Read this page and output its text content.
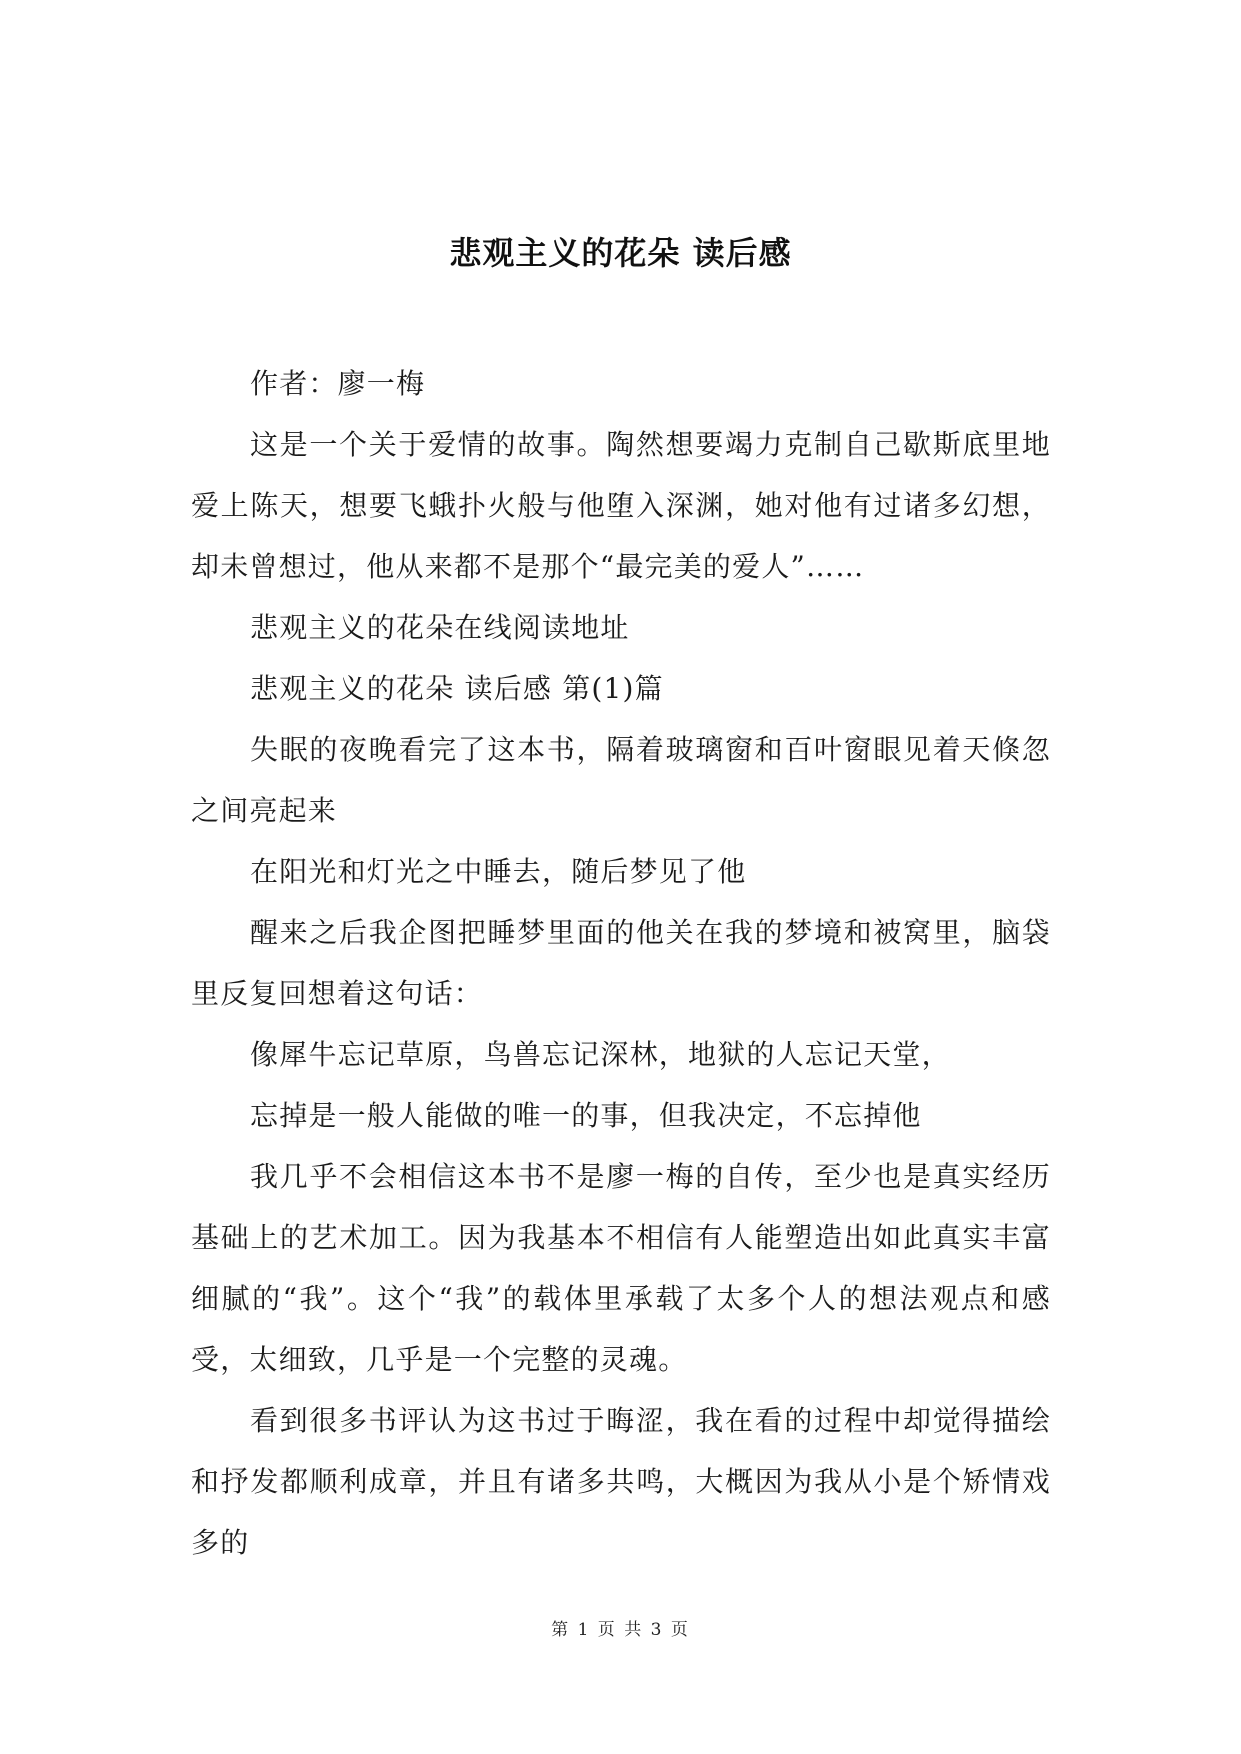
悲观主义的花朵 读后感

作者：廖一梅

这是一个关于爱情的故事。陶然想要竭力克制自己歇斯底里地爱上陈天，想要飞蛾扑火般与他堕入深渊，她对他有过诸多幻想，却未曾想过，他从来都不是那个“最完美的爱人”……

悲观主义的花朵在线阅读地址

悲观主义的花朵 读后感 第(1)篇

失眠的夜晚看完了这本书，隔着玻璃窗和百叶窗眼见着天倏忽之间亮起来

在阳光和灯光之中睡去，随后梦见了他

醒来之后我企图把睡梦里面的他关在我的梦境和被窝里，脑袋里反复回想着这句话：

像犀牛忘记草原，鸟兽忘记深林，地狱的人忘记天堂，

忘掉是一般人能做的唯一的事，但我决定，不忘掉他

我几乎不会相信这本书不是廖一梅的自传，至少也是真实经历基础上的艺术加工。因为我基本不相信有人能塑造出如此真实丰富细腻的“我”。这个“我”的载体里承载了太多个人的想法观点和感受，太细致，几乎是一个完整的灵魂。

看到很多书评认为这书过于晦涩，我在看的过程中却觉得描绘和抒发都顺利成章，并且有诸多共鸣，大概因为我从小是个矫情戏多的

第 1 页 共 3 页
